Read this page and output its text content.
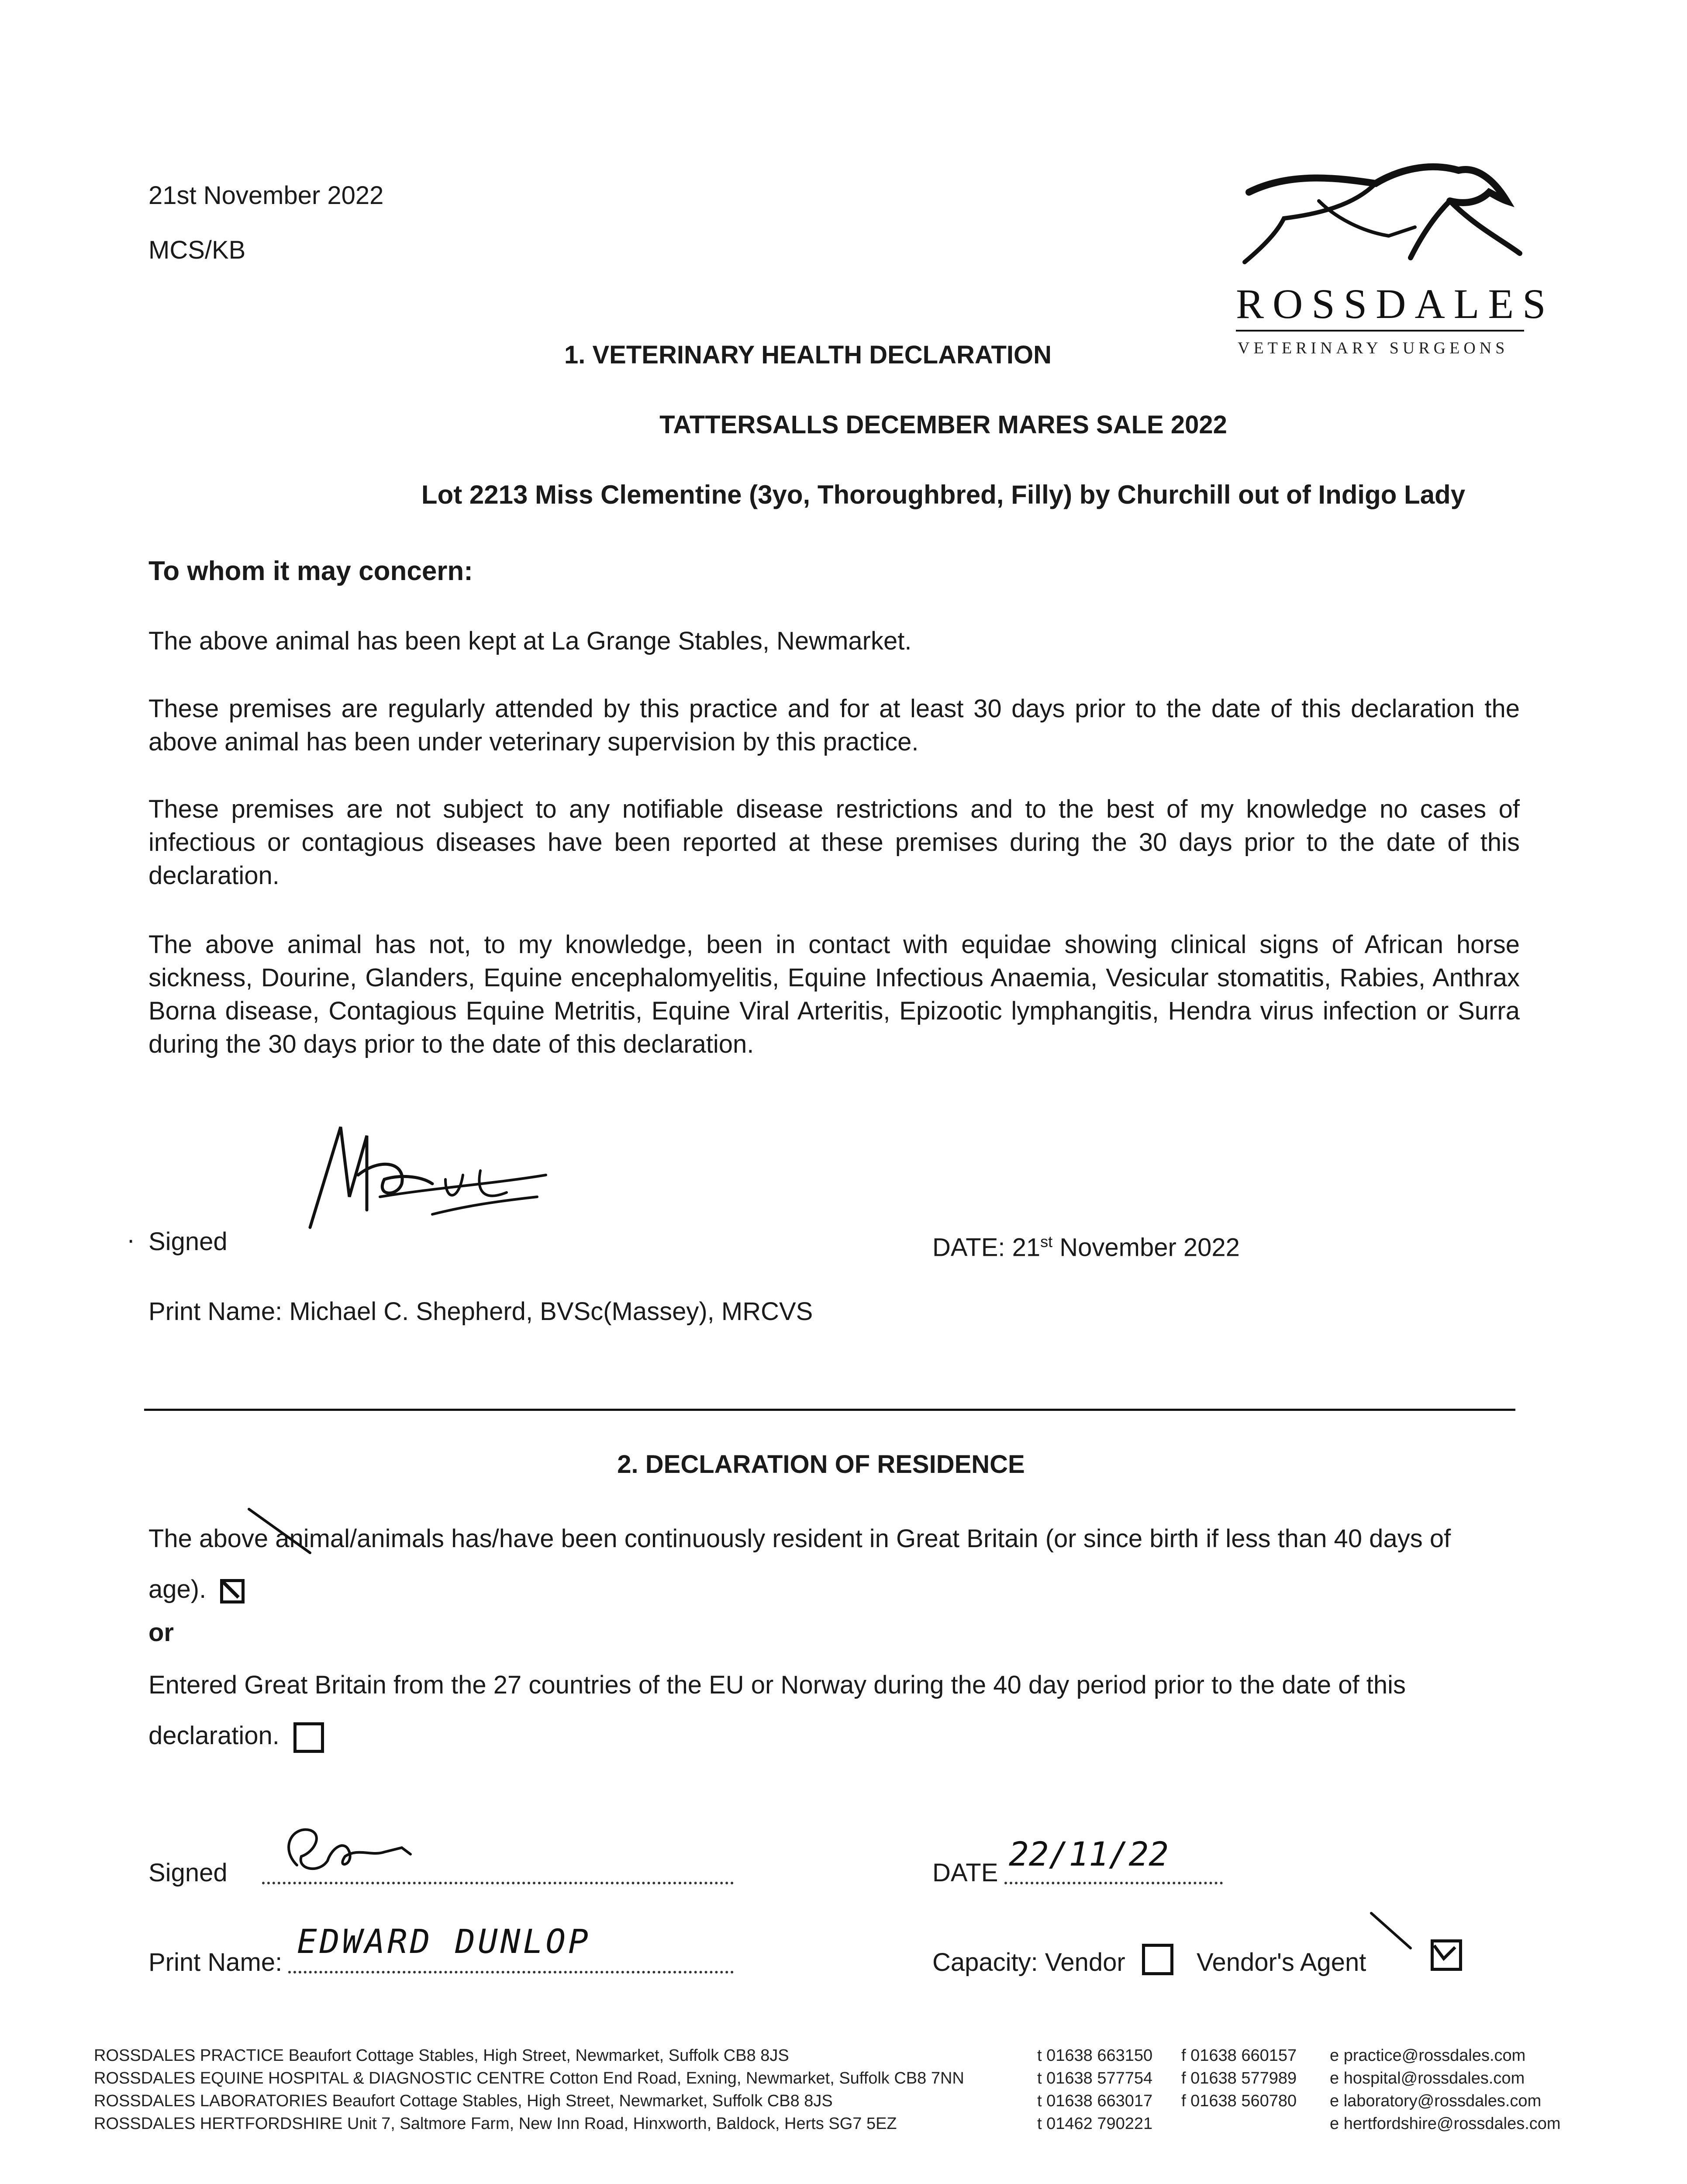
21st November 2022
MCS/KB
ROSSDALES
VETERINARY SURGEONS
1. VETERINARY HEALTH DECLARATION
TATTERSALLS DECEMBER MARES SALE 2022
Lot 2213 Miss Clementine (3yo, Thoroughbred, Filly) by Churchill out of Indigo Lady
To whom it may concern:
The above animal has been kept at La Grange Stables, Newmarket.
These premises are regularly attended by this practice and for at least 30 days prior to the date of this declaration the above animal has been under veterinary supervision by this practice.
These premises are not subject to any notifiable disease restrictions and to the best of my knowledge no cases of infectious or contagious diseases have been reported at these premises during the 30 days prior to the date of this declaration.
The above animal has not, to my knowledge, been in contact with equidae showing clinical signs of African horse sickness, Dourine, Glanders, Equine encephalomyelitis, Equine Infectious Anaemia, Vesicular stomatitis, Rabies, Anthrax Borna disease, Contagious Equine Metritis, Equine Viral Arteritis, Epizootic lymphangitis, Hendra virus infection or Surra during the 30 days prior to the date of this declaration.
· Signed	DATE: 21st November 2022
Print Name: Michael C. Shepherd, BVSc(Massey), MRCVS
2. DECLARATION OF RESIDENCE
The above animal/animals has/have been continuously resident in Great Britain (or since birth if less than 40 days of age).
or
Entered Great Britain from the 27 countries of the EU or Norway during the 40 day period prior to the date of this declaration.
Signed	DATE 22/11/22
Print Name:
EDWARD DUNLOP
Capacity: Vendor
	Vendor's Agent
ROSSDALES PRACTICE Beaufort Cottage Stables, High Street, Newmarket, Suffolk CB8 8JS	t 01638 663150 f 01638 660157 e practice@rossdales.com
ROSSDALES EQUINE HOSPITAL & DIAGNOSTIC CENTRE Cotton End Road, Exning, Newmarket, Suffolk CB8 7NN	t 01638 577754 f 01638 577989 e hospital@rossdales.com
ROSSDALES LABORATORIES Beaufort Cottage Stables, High Street, Newmarket, Suffolk CB8 8JS	t 01638 663017 f 01638 560780 e laboratory@rossdales.com
ROSSDALES HERTFORDSHIRE Unit 7, Saltmore Farm, New Inn Road, Hinxworth, Baldock, Herts SG7 5EZ	t 01462 790221	e hertfordshire@rossdales.com
